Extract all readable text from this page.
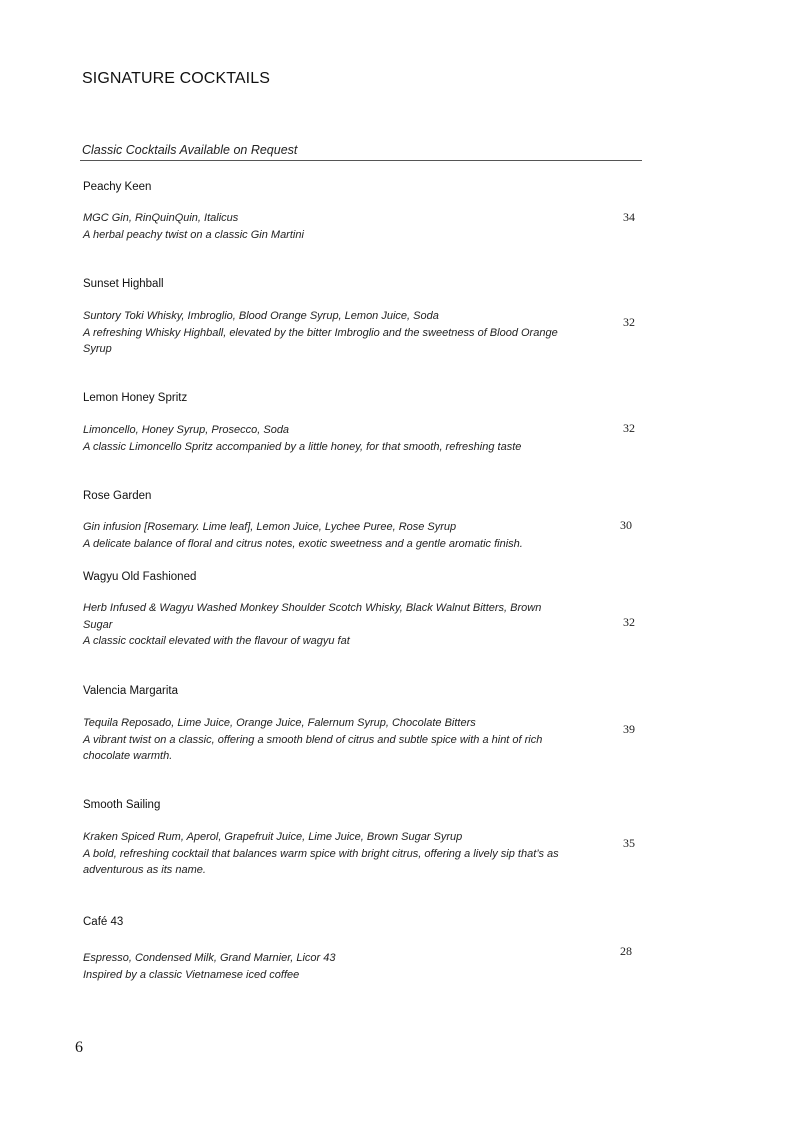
SIGNATURE COCKTAILS
Classic Cocktails Available on Request
Peachy Keen
MGC Gin, RinQuinQuin, Italicus
A herbal peachy twist on a classic Gin Martini
34
Sunset Highball
Suntory Toki Whisky, Imbroglio, Blood Orange Syrup, Lemon Juice, Soda
A refreshing Whisky Highball, elevated by the bitter Imbroglio and the sweetness of Blood Orange Syrup
32
Lemon Honey Spritz
Limoncello, Honey Syrup, Prosecco, Soda
A classic Limoncello Spritz accompanied by a little honey, for that smooth, refreshing taste
32
Rose Garden
Gin infusion [Rosemary. Lime leaf], Lemon Juice, Lychee Puree, Rose Syrup
A delicate balance of floral and citrus notes, exotic sweetness and a gentle aromatic finish.
30
Wagyu Old Fashioned
Herb Infused & Wagyu Washed Monkey Shoulder Scotch Whisky, Black Walnut Bitters, Brown Sugar
A classic cocktail elevated with the flavour of wagyu fat
32
Valencia Margarita
Tequila Reposado, Lime Juice, Orange Juice, Falernum Syrup, Chocolate Bitters
A vibrant twist on a classic, offering a smooth blend of citrus and subtle spice with a hint of rich chocolate warmth.
39
Smooth Sailing
Kraken Spiced Rum, Aperol, Grapefruit Juice, Lime Juice, Brown Sugar Syrup
A bold, refreshing cocktail that balances warm spice with bright citrus, offering a lively sip that’s as adventurous as its name.
35
Café 43
Espresso, Condensed Milk, Grand Marnier, Licor 43
Inspired by a classic Vietnamese iced coffee
28
6
